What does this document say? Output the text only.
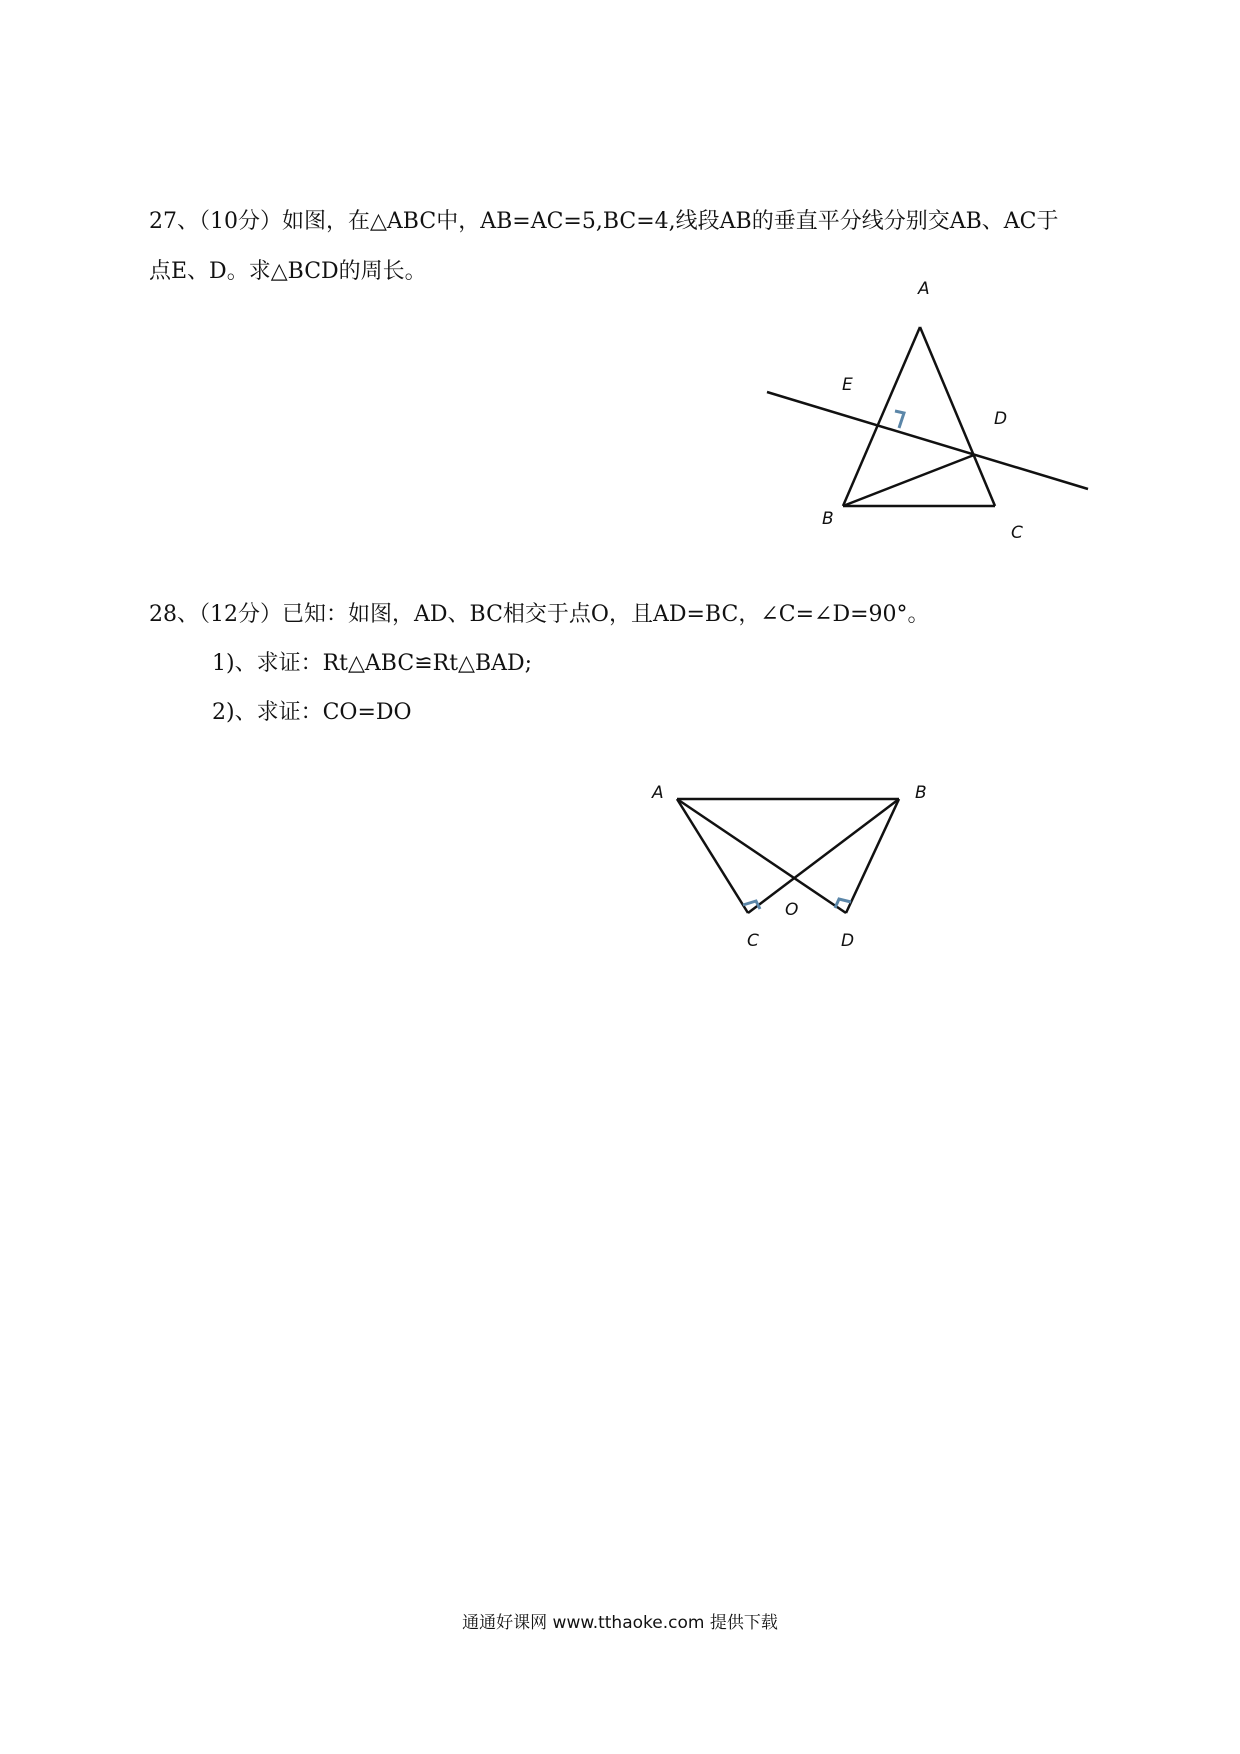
27、（10分）如图，在△ABC中，AB=AC=5,BC=4,线段AB的垂直平分线分别交AB、AC于
点E、D。求△BCD的周长。
A
E
D
B
C
28、（12分）已知：如图，AD、BC相交于点O，且AD=BC，∠C=∠D=90°。
1)、求证：Rt△ABC≌Rt△BAD;
2)、求证：CO=DO
A	B
O
C	D
通通好课网 www.tthaoke.com 提供下载
